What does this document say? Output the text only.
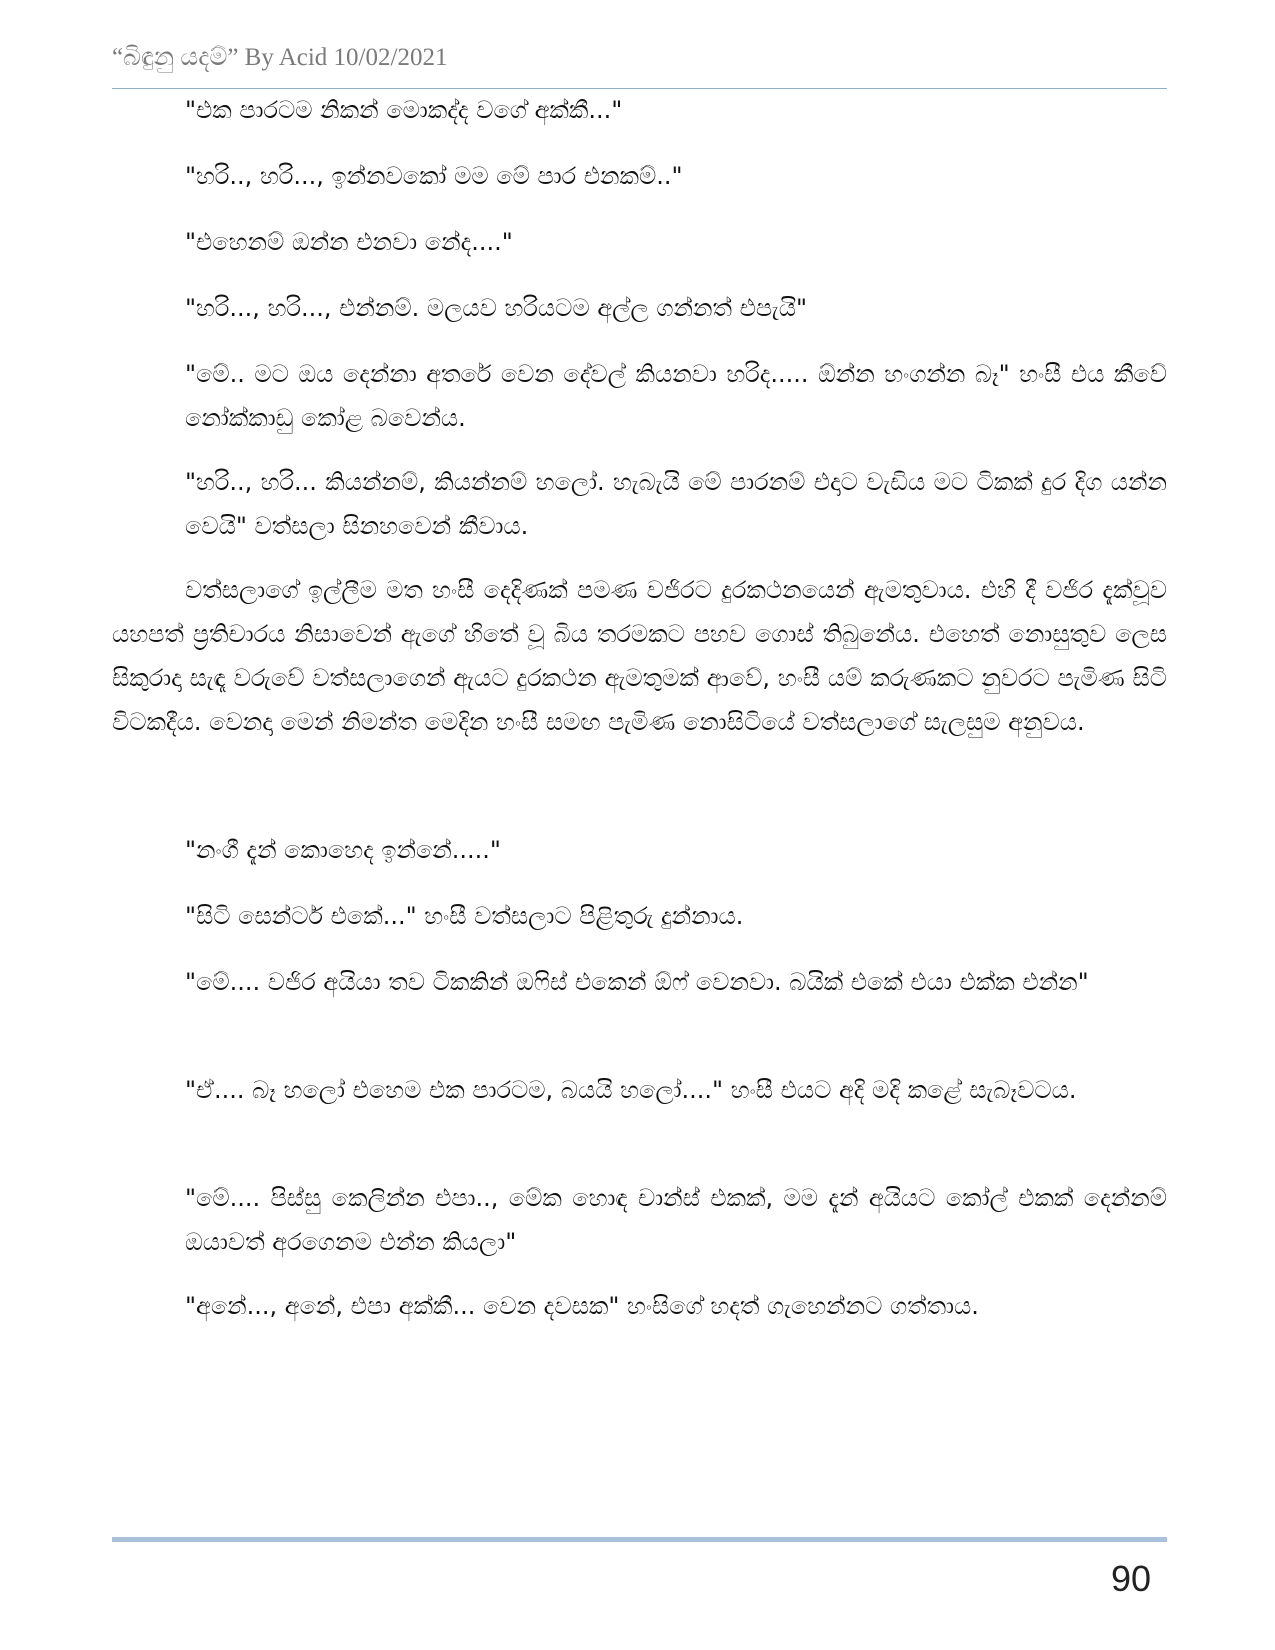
“බිඳුනු යදම්” By Acid 10/02/2021

"එක පාරටම නිකන් මොකද්ද වගේ අක්කී..."

"හරි.., හරි..., ඉන්නවකෝ මම මේ පාර එනකම්.."

"එහෙනම් ඔන්න එනවා නේද...."

"හරි..., හරි..., එන්නම්. මලයව හරියටම අල්ල ගන්නත් එපැයි"

"මේ.. මට ඔය දෙන්නා අතරේ වෙන දේවල් කියනවා හරිද..... ඕන්න හංගන්න බෑ" හංසී එය කීවේ නෝක්කාඩු කෝළ බවෙන්ය.

"හරි.., හරි... කියන්නම්, කියන්නම් හලෝ. හැබැයි මේ පාරනම් එදාට වැඩිය මට ටිකක් දුර දිග යන්න වෙයි" වත්සලා සිනහවෙන් කීවාය.

වත්සලාගේ ඉල්ලීම මත හංසී දෙදිණක් පමණ වජිරට දුරකථනයෙන් ඇමතුවාය. එහි දී වජිර දැක්වූව යහපත් ප්‍රතිචාරය නිසාවෙන් ඇගේ හිතේ වූ බිය තරමකට පහව ගොස් තිබුනේය. එහෙත් නොසුතුව ලෙස සිකුරාදා සැඳෑ වරුවේ වත්සලාගෙන් ඇයට දුරකථන ඇමතුමක් ආවේ, හංසී යම් කරුණකට නුවරට පැමිණ සිටි විටකදීය. වෙනදා මෙන් නිමන්ත මෙදින හංසී සමඟ පැමිණ නොසිටියේ වත්සලාගේ සැලසුම අනුවය.

"නංගී දැන් කොහෙද ඉන්නේ....."

"සිටි සෙන්ටර් එකේ..." හංසී වත්සලාට පිළිතුරු දුන්නාය.

"මේ.... වජිර අයියා තව ටිකකින් ඔෆිස් එකෙන් ඕෆ් වෙනවා. බයික් එකේ එයා එක්ක එන්න"

"ඒ.... බෑ හලෝ එහෙම එක පාරටම, බයයි හලෝ...." හංසී එයට අදි මදි කළේ සැබෑවටය.

"මේ.... පිස්සු කෙලින්න එපා.., මේක හොඳ චාන්ස් එකක්, මම දැන් අයියට කෝල් එකක් දෙන්නම් ඔයාවත් අරගෙනම එන්න කියලා"

"අනේ..., අනේ, එපා අක්කී... වෙන දවසක" හංසිගේ හදත් ගැහෙන්නට ගත්තාය.

90
